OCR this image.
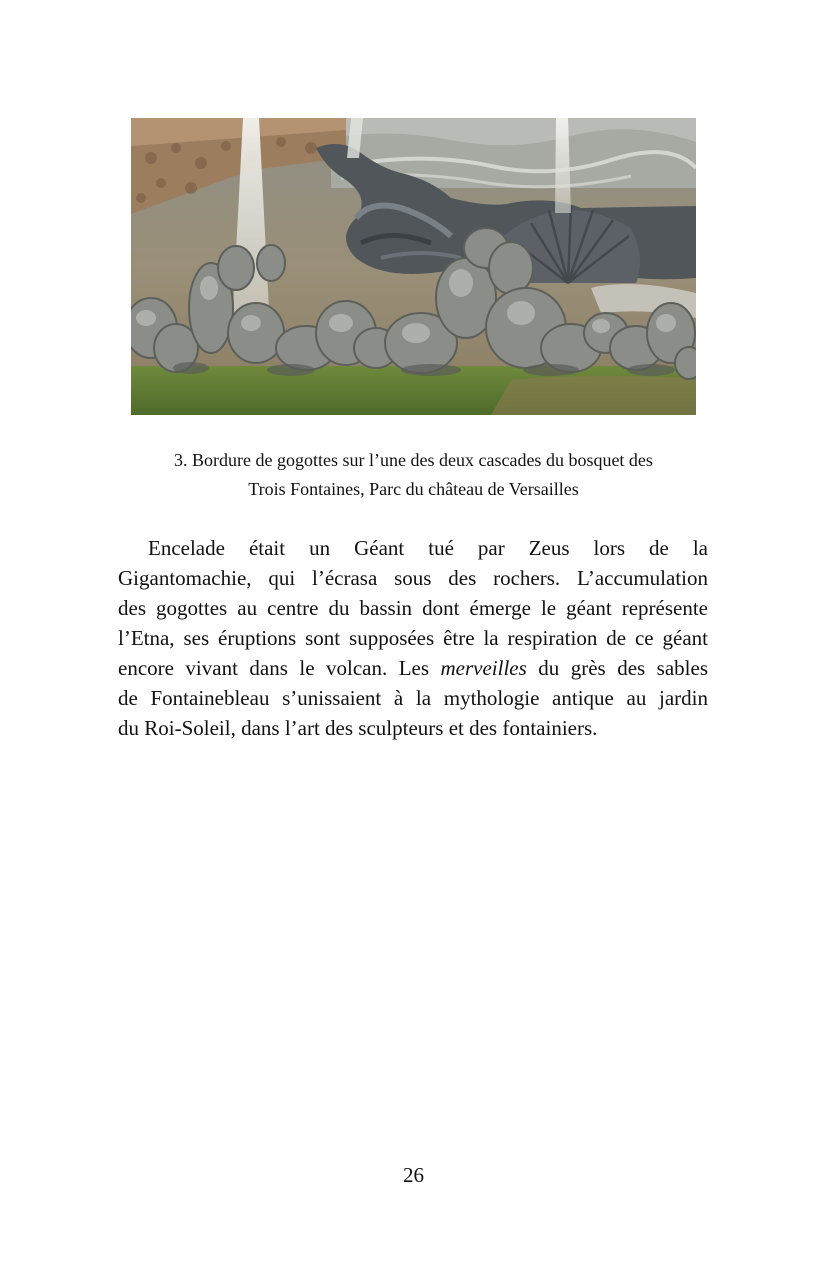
3. Bordure de gogottes sur l’une des deux cascades du bosquet des
Trois Fontaines, Parc du château de Versailles
Encelade était un Géant tué par Zeus lors de la
Gigantomachie, qui l’écrasa sous des rochers. L’accumulation
des gogottes au centre du bassin dont émerge le géant représente
l’Etna, ses éruptions sont supposées être la respiration de ce géant
encore vivant dans le volcan. Les merveilles du grès des sables
de Fontainebleau s’unissaient à la mythologie antique au jardin
du Roi-Soleil, dans l’art des sculpteurs et des fontainiers.
26
